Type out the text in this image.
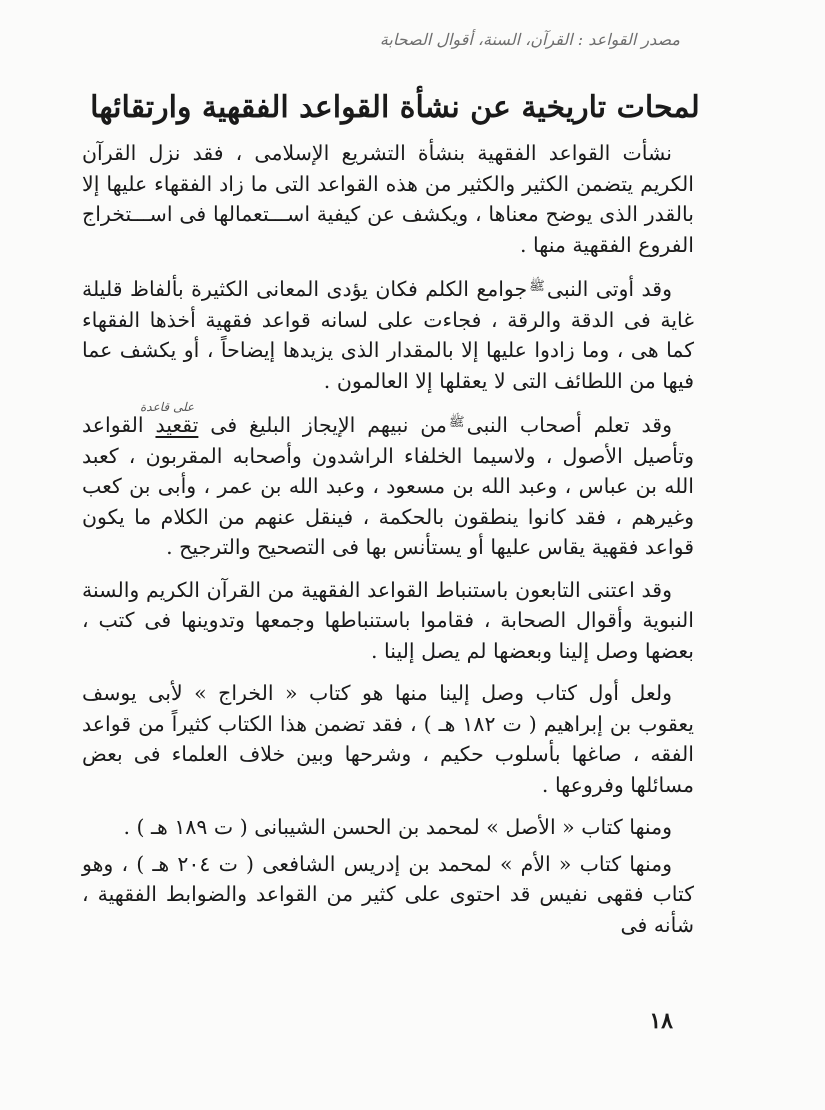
مصدر القواعد : القرآن، السنة، أقوال الصحابة
لمحات تاريخية عن نشأة القواعد الفقهية وارتقائها
على قاعدة

نشأت القواعد الفقهية بنشأة التشريع الإسلامى ، فقد نزل القرآن الكريم يتضمن الكثير والكثير من هذه القواعد التى ما زاد الفقهاء عليها إلا بالقدر الذى يوضح معناها ، ويكشف عن كيفية اســـتعمالها فى اســـتخراج الفروع الفقهية منها .

وقد أوتى النبى$^ﷺ$جوامع الكلم فكان يؤدى المعانى الكثيرة بألفاظ قليلة غاية فى الدقة والرقة ، فجاءت على لسانه قواعد فقهية أخذها الفقهاء كما هى ، وما زادوا عليها إلا بالمقدار الذى يزيدها إيضاحاً ، أو يكشف عما فيها من اللطائف التى لا يعقلها إلا العالمون .

وقد تعلم أصحاب النبى$^ﷺ$من نبيهم الإيجاز البليغ فى تقعيد القواعد وتأصيل الأصول ، ولاسيما الخلفاء الراشدون وأصحابه المقربون ، كعبد الله بن عباس ، وعبد الله بن مسعود ، وعبد الله بن عمر ، وأبى بن كعب وغيرهم ، فقد كانوا ينطقون بالحكمة ، فينقل عنهم من الكلام ما يكون قواعد فقهية يقاس عليها أو يستأنس بها فى التصحيح والترجيح .

وقد اعتنى التابعون باستنباط القواعد الفقهية من القرآن الكريم والسنة النبوية وأقوال الصحابة ، فقاموا باستنباطها وجمعها وتدوينها فى كتب ، بعضها وصل إلينا وبعضها لم يصل إلينا .

ولعل أول كتاب وصل إلينا منها هو كتاب « الخراج » لأبى يوسف يعقوب بن إبراهيم ( ت ١٨٢ هـ ) ، فقد تضمن هذا الكتاب كثيراً من قواعد الفقه ، صاغها بأسلوب حكيم ، وشرحها وبين خلاف العلماء فى بعض مسائلها وفروعها .

ومنها كتاب « الأصل » لمحمد بن الحسن الشيبانى ( ت ١٨٩ هـ ) .

ومنها كتاب « الأم » لمحمد بن إدريس الشافعى ( ت ٢٠٤ هـ ) ، وهو كتاب فقهى نفيس قد احتوى على كثير من القواعد والضوابط الفقهية ، شأنه فى

١٨
